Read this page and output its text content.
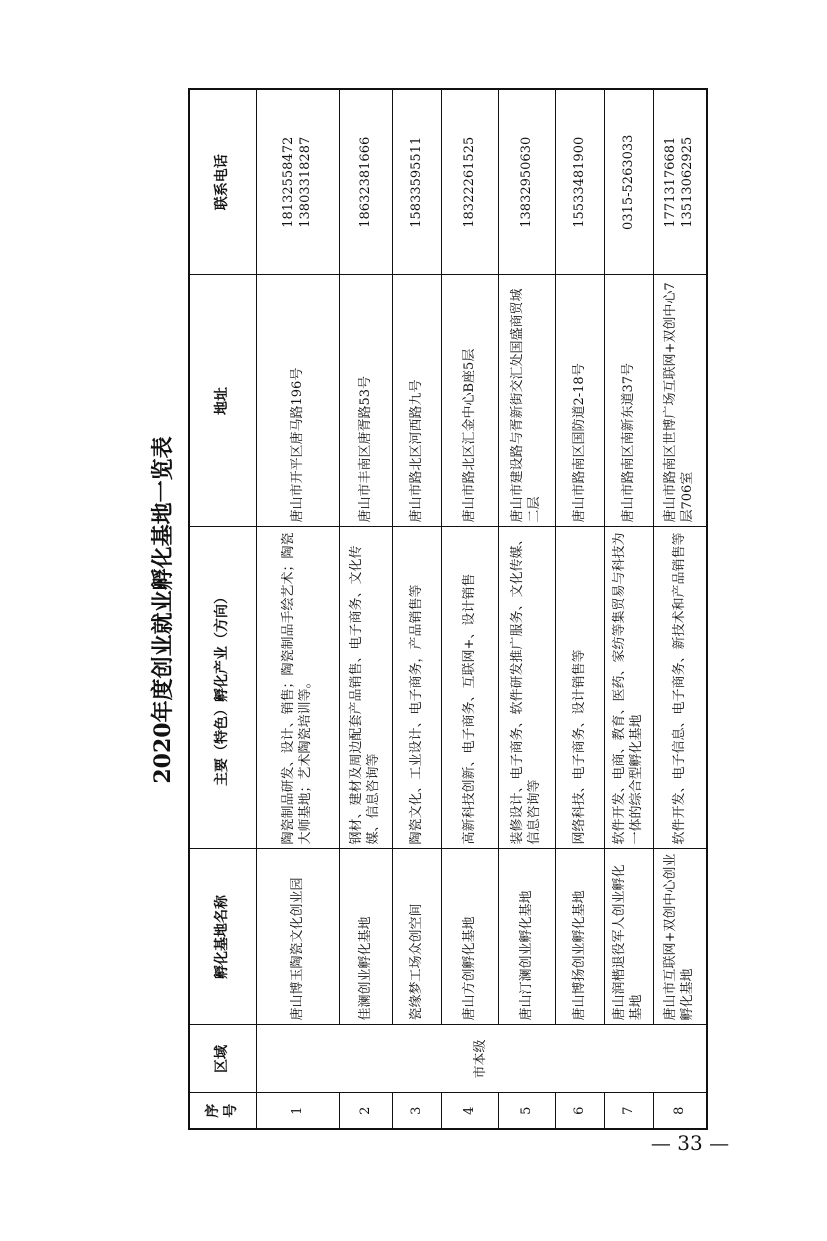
2020年度创业就业孵化基地一览表
序号	区域	孵化基地名称	主要（特色）孵化产业（方向）	地址	联系电话
1	市本级	唐山博玉陶瓷文化创业园	陶瓷制品研发、设计、销售；陶瓷制品手绘艺术；陶瓷大师基地；艺术陶瓷培训等。	唐山市开平区唐马路196号	18132558472 13803318287

2		佳澜创业孵化基地	钢材、建材及周边配套产品销售、电子商务、文化传媒、信息咨询等	唐山市丰南区唐胥路53号	18632381666

3		瓷缘梦工场众创空间	陶瓷文化、工业设计、电子商务，产品销售等	唐山市路北区河西路九号	15833595511

4		唐山方创孵化基地	高新科技创新、电子商务、互联网+、设计销售	唐山市路北区汇金中心B座5层	18322261525

5		唐山汀澜创业孵化基地	装修设计、电子商务、软件研发推广服务、文化传媒、信息咨询等	唐山市建设路与胥新街交汇处国盛商贸城二层	13832950630

6		唐山博扬创业孵化基地	网络科技、电子商务、设计销售等	唐山市路南区国防道2-18号	15533481900

7		唐山润楷退役军人创业孵化基地	软件开发、电商、教育、医药、家纺等集贸易与科技为一体的综合型孵化基地	唐山市路南区南新东道37号	0315-5263033

8		唐山市互联网+双创中心创业孵化基地	软件开发、电子信息、电子商务、新技术和产品销售等	唐山市路南区世博广场互联网+双创中心7层706室	17713176681 13513062925
— 33 —
